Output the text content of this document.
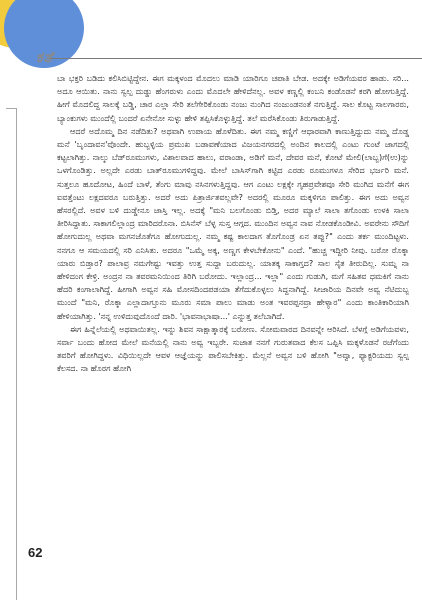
ಕತೆ

ಬಾ ಭಕ್ತರಿ ಬಡಿದು ಕಲಿಸಿಬಿಟ್ಟಿದ್ದೇನ. ಈಗ ಮಕ್ಕಳಂದ ಮೊದಲು ಮಾಡಿ ಯಾರಿಗೂ ಚಪಾತಿ ಬೇಡ. ಅದಕ್ಕೇ ಅಡಿಗೆಯವರ ಹಾಡು. ಸರಿ... ಅದೂ ಆಯಿತು. ನಾನು ಸ್ವಲ್ಪ ದುಡ್ಡು ಹೆಂಗರುಳು ಎಂದು ಮೊದಲೇ ಹೇಳಿದೆನಲ್ಲ. ಅವಳ ಕಣ್ಣಲ್ಲಿ ಕಂಬನಿ ಕಂಡೊಡನೆ ಕರಗಿ ಹೋಗುತ್ತಿದ್ದೆ. ಹೀಗೆ ಮೊದಲಿದ್ದ ಸಾಲಕ್ಕೆ ಬಡ್ಡಿ, ಚಾರ ಎಲ್ಲಾ ಸೇರಿ ತಲೆಗೇರಿಕೊಂಡು ನಂಜು ನುಂಗಿದ ನಂಜುಂಡನಂತೆ ನಗುತ್ತಿದ್ದೆ. ಸಾಲ ಕೊಟ್ಟ ಸಾಲಗಾರರು, ಬ್ಯಾಂಕುಗಳು ಮುಂದೆಲ್ಲಿ ಬಂದರೆ ಏನೇನೋ ಸುಳ್ಳು ಹೇಳಿ ತಪ್ಪಿಸಿಕೊಳ್ಳುತ್ತಿದ್ದೆ. ತಲೆ ಮರೆಸಿಕೊಂಡು ತಿರುಗಾಡುತ್ತಿದ್ದೆ.

ಆದರೆ ಅದೊಮ್ಮ ದಿನ ನಡೆದಿತು? ಅಥವಾಗಿ ಉಪಾಯ ಹೊಳೆದಿತು. ಈಗ ನಮ್ಮ ಕಣ್ಣಿಗೆ ಆಧಾರವಾಗಿ ಕಾಣುತ್ತಿದ್ದುದು ನಮ್ಮ ದೊಡ್ಡ ಮನೆ 'ಬೃಂದಾವನ'ವೊಂದೇ. ಹುಬ್ಬಳ್ಳಿಯ ಪ್ರಮುಖ ಬಡಾವಣೆಯಾದ ವಿಜಯನಗರದಲ್ಲಿ ಅಂದಿನ ಕಾಲದಲ್ಲಿ ಎಂಟು ಗುಂಟೆ ಜಾಗದಲ್ಲಿ ಕಟ್ಟಲಾಗಿತ್ತು. ನಾಲ್ಕು ಬೆಡ್‌ರೂಮುಗಳು, ವಿಶಾಲವಾದ ಹಾಲು, ವರಾಂಡಾ, ಅಡಿಗೆ ಮನೆ, ದೇವರ ಮನೆ, ಕೋಟೆ ಮೇಲಿ(ಲಾಬ್ಬ)ಗೆ(ಉ)ನ್ನು ಒಳಗೊಂಡಿತ್ತು. ಅಲ್ಲದೇ ಎರಡು ಬಾತ್‌ರೂಮುಗಳಿದ್ದವು. ಮೇಲೆ ಬಾಸಿಸ್‌ಗಾಗಿ ಕಟ್ಟಿದ ಎರಡು ರೂಮುಗಳೂ ಸೇರಿದ ಭರ್ಜರಿ ಮನೆ. ಸುತ್ತಲೂ ಹೂದೋಟ, ಹಿಂದೆ ಬಾಳೆ, ತೆಂಗು ಮಾವು ನಸಿನಗಳುತ್ತಿದ್ದವು. ಆಗ ಎಂಟು ಲಕ್ಷಕ್ಕೇ ಗೃಹಪ್ರವೇಶವೂ ಸೇರಿ ಮುಗಿದ ಮನೆಗೆ ಈಗ ಐವತ್ತೆಂಟು ಲಕ್ಷದವರೂ ಬರುತ್ತಿತ್ತು. ಅದರೆ ಅದು ಪಿತ್ರಾರ್ಜಿತವಲ್ಲವೇ? ಅದರಲ್ಲಿ ಮೂರೂ ಮಕ್ಕಳಿಗೂ ಪಾಲಿತ್ತು. ಈಗ ಅದು ಅವ್ವನ ಹೆಸರಲ್ಲಿದೆ. ಅವಳ ಬಳಿ ದುಡ್ಡೇನೂ ಜಾಸ್ತಿ ಇಲ್ಲ. ಅದಕ್ಕೆ "ಮನಿ ಬಲಗೊಂಡು ಬಿಡ್ತಿ, ಅದರ ಮ್ಯಾಲೆ ಸಾಲಾ ತಗೊಂಡು ಉಳಕಿ ಸಾಲಾ ತೀರಿಸಿದ್ದಾತು. ಸಾಕಾಗಲಿಲ್ಲಾಂದ್ರ ಮಾರಿದರೊನಾ. ಬಿಸಿನೆಸ್ ಬೆಳ್ಳ ಸುಸ್ತ ಆಗ್ಗದ. ಮುಂದಿನ ಅವ್ವನ ನಾವ ನೋಡಕೊಂಡೀವಿ. ಅವರೇನು ಸೌದಿಗೆ ಹೋಗುದುಲ್ಲ ಅಥವಾ ಮಗನಜೊತೆಗೂ ಹೋಗುದುಲ್ಲ. ನಮ್ಮ ಕಷ್ಟ ಕಾಲದಾಗ ತೊಗೊಂಡ್ರ ಏನ ತಪ್ಪು?" ಎಂದು ತರ್ಕ ಮುಂದಿಟ್ಟಳು. ನನಗೂ ಆ ಸಮಯದಲ್ಲಿ ಸರಿ ಎನಿಸಿತು. ಅದರೂ "ಒಮ್ಮೆ ಅಕ್ಕ, ಅಣ್ಣಗ ಕೇಳಬೇಕೋನು" ಎಂದೆ. "ಹುಚ್ಚ ಇದ್ದೀರಿ ನೀವು. ಬರೋ ರೊಕ್ಕಾ ಯಾರು ಬಿಡ್ತಾರ? ಪಾಲಾವ್ರ ನಮಗೇಷ್ಟು ಇವತ್ತು ಉತ್ತ ಸುದ್ದಾ ಬರುದುಲ್ಲ. ಯಾತಕ್ಕ ಸಾಕಾಗ್ತದ? ಸಾಲ ಸೈತ ತೀರುದಿಲ್ಲ. ಸುಮ್ನ ನಾ ಹೇಳಿದಂಗ ಕೇಳ್ರಿ. ಅಂದ್ರನ ನಾ ತವರಮನಿಯಿಂದ ತಿರಿಗಿ ಬರೋದು. ಇಲ್ಲಾಂದ್ರ... ಇಲ್ಲಾ" ಎಂದು ಗುಡುಗಿ, ಮಗೆ ಸಹಿತವ ಧಮಕಿಗೆ ನಾನು ಹೆದರಿ ಕಂಗಾಲಾಗಿದ್ದೆ. ಹೀಗಾಗಿ ಅವ್ವನ ಸಹಿ ಮೋಸದಿಂದಪಡಯಾ ತೆಗೆದುಕೊಳ್ಳಲು ಸಿದ್ದನಾಗಿದ್ದೆ. ಸೀಜಾರಿಯ ದಿನವೇ ಅವ್ವ ನೆಟಿದುಬ್ಬ ಮುಂದೆ "ಮನಿ, ರೊಕ್ಕಾ ಎಲ್ಲಾದಾಗ್ತೂನು ಮೂರು ಸಮಾ ಪಾಲು ಮಾಡು ಅಂತ ಇವರಪ್ಪನವ್ರಾ ಹೇಳ್ಯಾರ" ಎಂದು ಕಾಂತಿಕಾರಿಯಾಗಿ ಹೇಳಿಯಾಗಿತ್ತು. 'ನನ್ನ ಉಳಿದುವುದೊಂದೆ ದಾರಿ. 'ಭಾವನಾಭಾಷಾ...' ಎನ್ನುತ್ತ ತಲೆಬಾಗಿದೆ.

ಈಗ ಹಿನ್ನೆಲೆಯಲ್ಲಿ ಅಥವಾಯಿತಲ್ಲ. ಇನ್ನು ಶಿವನ ಸಾಕ್ಷಾತ್ಕಾರಕ್ಕೆ ಬರೋಣ. ಸೋಮವಾರದ ದಿನವನ್ನೇ ಆರಿಸಿದೆ. ಬೆಳಗ್ಗೆ ಅಡಿಗೆಯವಳು, ಸರ್ವಾ ಬಂದು ಹೋದ ಮೇಲೆ ಮನೆಯಲ್ಲಿ ನಾನು ಅವ್ವ ಇಬ್ಬರೇ. ಸುಜಾತ ನನಗೆ ಗುರುತವಾದ ಕೆಲಸ ಒಪ್ಪಿಸಿ ಮಕ್ಕಳೊಡನೆ ರಜೆಗೆಂದು ತವರಿಗೆ ಹೋಗಿದ್ದಳು. ವಿಧಿಯಿಲ್ಲದೇ ಆವಳ ಆಜ್ಞೆಯನ್ನು ಪಾಲಿಸಬೇಕಿತ್ತು. ಮೆಲ್ಲನೆ ಅವ್ವನ ಬಳಿ ಹೋಗಿ "ಅವ್ವಾ, ಫ್ಯಾಕ್ಟರಿಯದು ಸ್ವಲ್ಪ ಕೆಲಸದ. ನಾ ಹೊರಗ ಹೋಗಿ

62
